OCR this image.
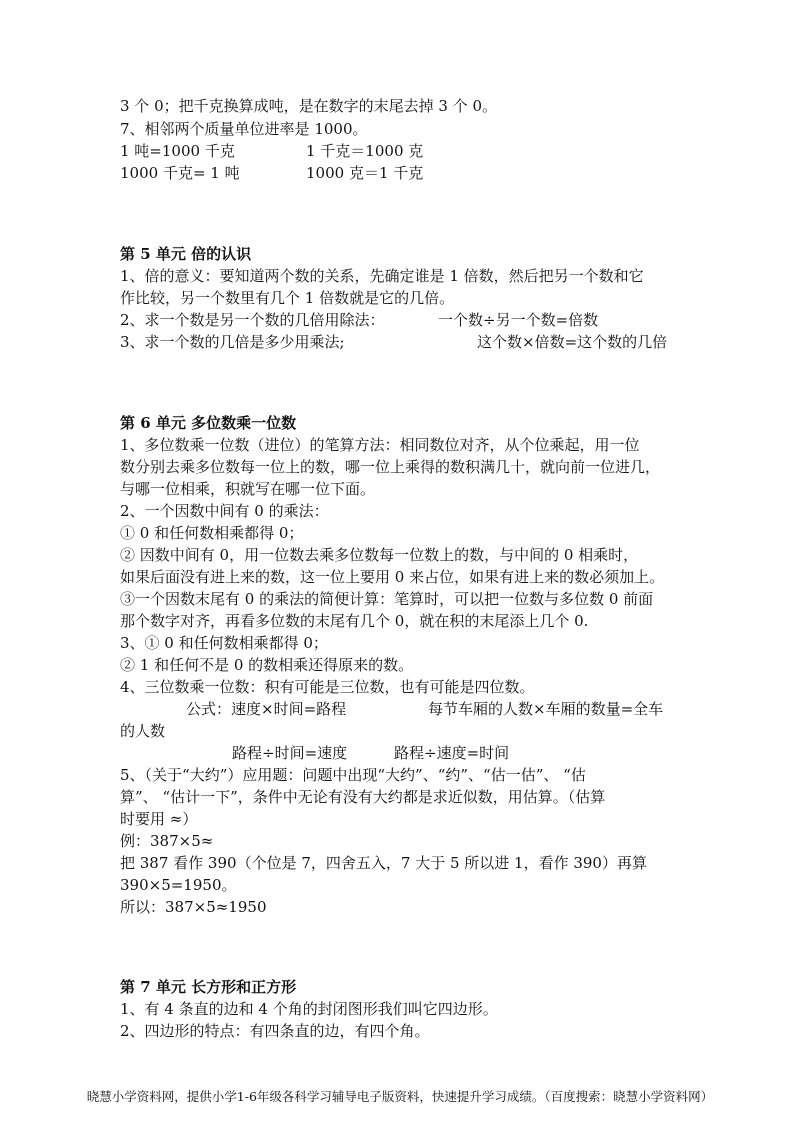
3 个 0；把千克换算成吨，是在数字的末尾去掉 3 个 0。
7、相邻两个质量单位进率是 1000。
1 吨=1000 千克	1 千克＝1000 克
1000 千克= 1 吨	1000 克＝1 千克
第 5 单元 倍的认识
1、倍的意义：要知道两个数的关系，先确定谁是 1 倍数，然后把另一个数和它
作比较，另一个数里有几个 1 倍数就是它的几倍。
2、求一个数是另一个数的几倍用除法：	一个数÷另一个数=倍数
3、求一个数的几倍是多少用乘法;	这个数×倍数=这个数的几倍
第 6 单元 多位数乘一位数
1、多位数乘一位数（进位）的笔算方法：相同数位对齐，从个位乘起，用一位
数分别去乘多位数每一位上的数，哪一位上乘得的数积满几十，就向前一位进几，
与哪一位相乘，积就写在哪一位下面。
2、一个因数中间有 0 的乘法：
① 0 和任何数相乘都得 0；
② 因数中间有 0，用一位数去乘多位数每一位数上的数，与中间的 0 相乘时，
如果后面没有进上来的数，这一位上要用 0 来占位，如果有进上来的数必须加上。
③一个因数末尾有 0 的乘法的简便计算：笔算时，可以把一位数与多位数 0 前面
那个数字对齐，再看多位数的末尾有几个 0，就在积的末尾添上几个 0.
3、① 0 和任何数相乘都得 0；
② 1 和任何不是 0 的数相乘还得原来的数。
4、三位数乘一位数：积有可能是三位数，也有可能是四位数。
公式：速度×时间=路程	每节车厢的人数×车厢的数量=全车
的人数
路程÷时间=速度	路程÷速度=时间
5、（关于“大约”）应用题：问题中出现“大约”、“约”、“估一估”、 “估
算”、 “估计一下”，条件中无论有没有大约都是求近似数，用估算。（估算
时要用 ≈）
例：387×5≈
把 387 看作 390（个位是 7，四舍五入，7 大于 5 所以进 1，看作 390）再算
390×5=1950。
所以：387×5≈1950
第 7 单元 长方形和正方形
1、有 4 条直的边和 4 个角的封闭图形我们叫它四边形。
2、四边形的特点：有四条直的边，有四个角。
晓慧小学资料网，提供小学1-6年级各科学习辅导电子版资料，快速提升学习成绩。（百度搜索：晓慧小学资料网）
